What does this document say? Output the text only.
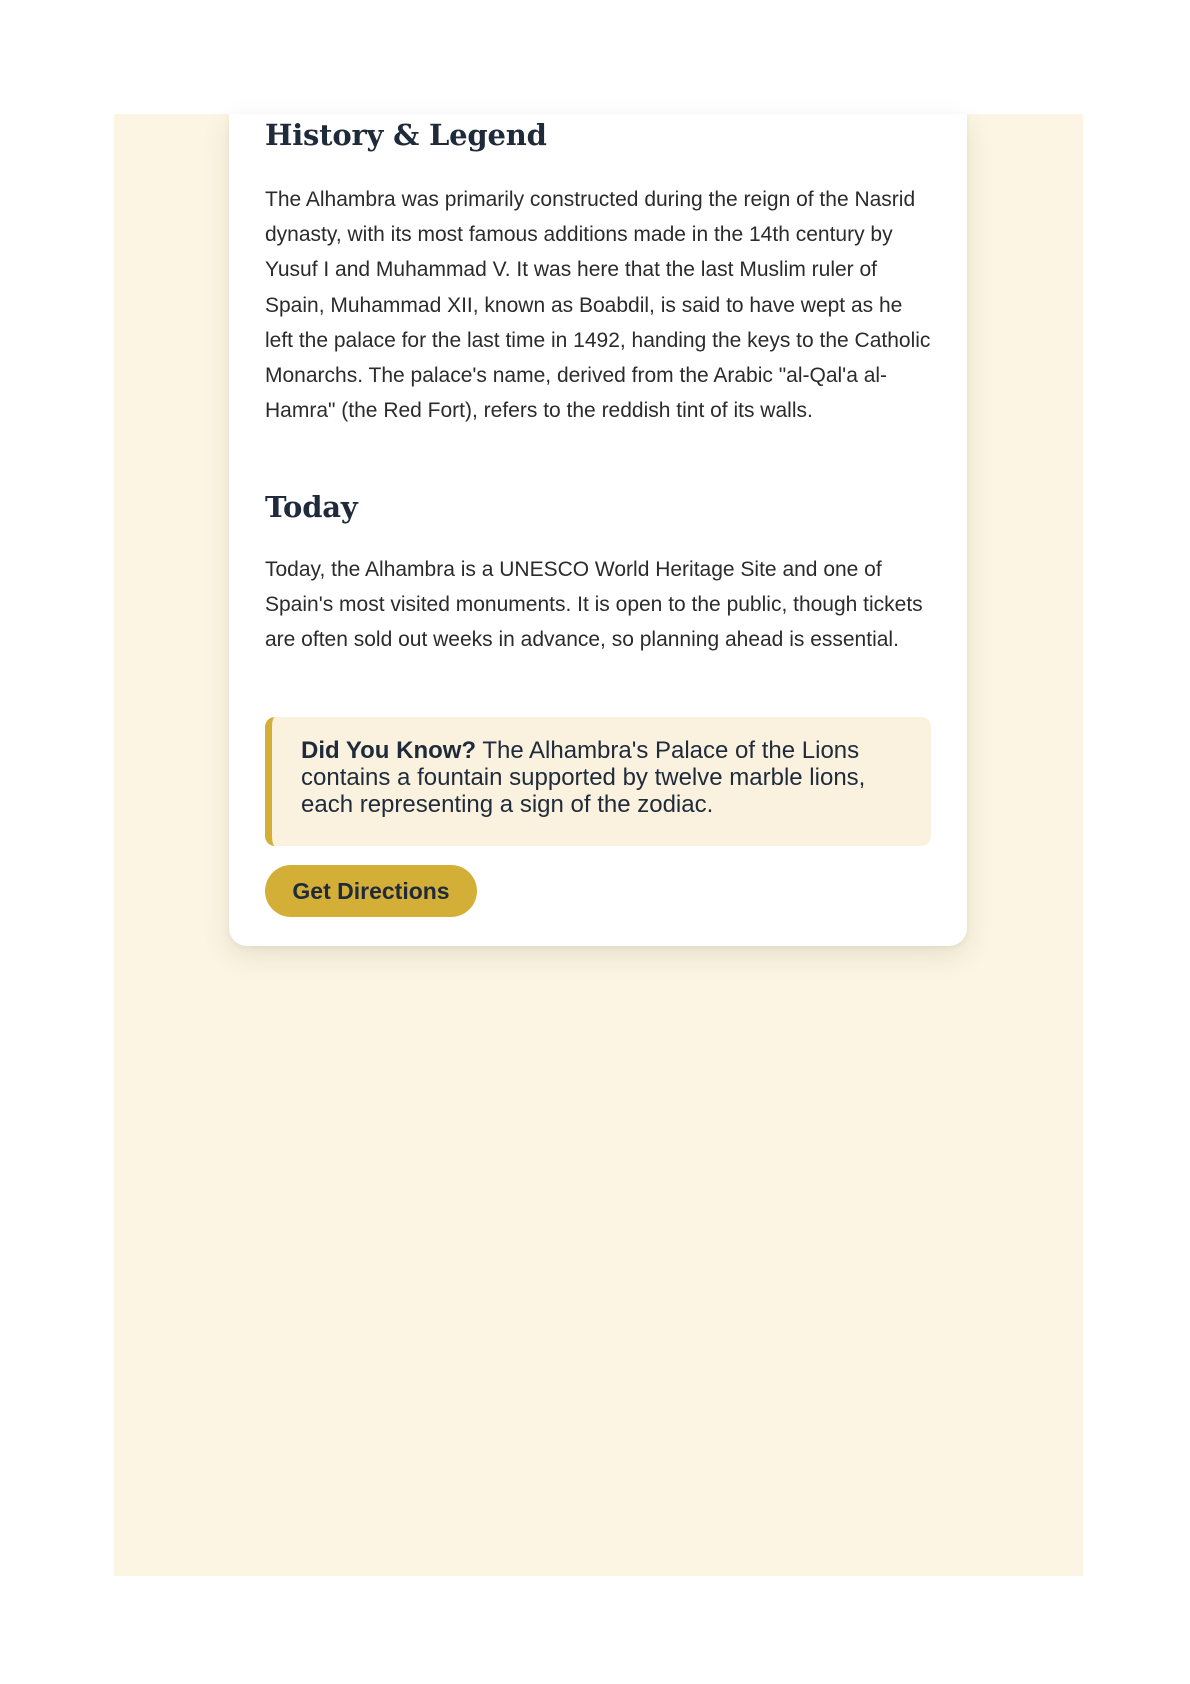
History & Legend

The Alhambra was primarily constructed during the reign of the Nasrid dynasty, with its most famous additions made in the 14th century by Yusuf I and Muhammad V. It was here that the last Muslim ruler of Spain, Muhammad XII, known as Boabdil, is said to have wept as he left the palace for the last time in 1492, handing the keys to the Catholic Monarchs. The palace's name, derived from the Arabic "al-Qal'a al-Hamra" (the Red Fort), refers to the reddish tint of its walls.

Today

Today, the Alhambra is a UNESCO World Heritage Site and one of Spain's most visited monuments. It is open to the public, though tickets are often sold out weeks in advance, so planning ahead is essential.

Did You Know? The Alhambra's Palace of the Lions contains a fountain supported by twelve marble lions, each representing a sign of the zodiac.
Get Directions
